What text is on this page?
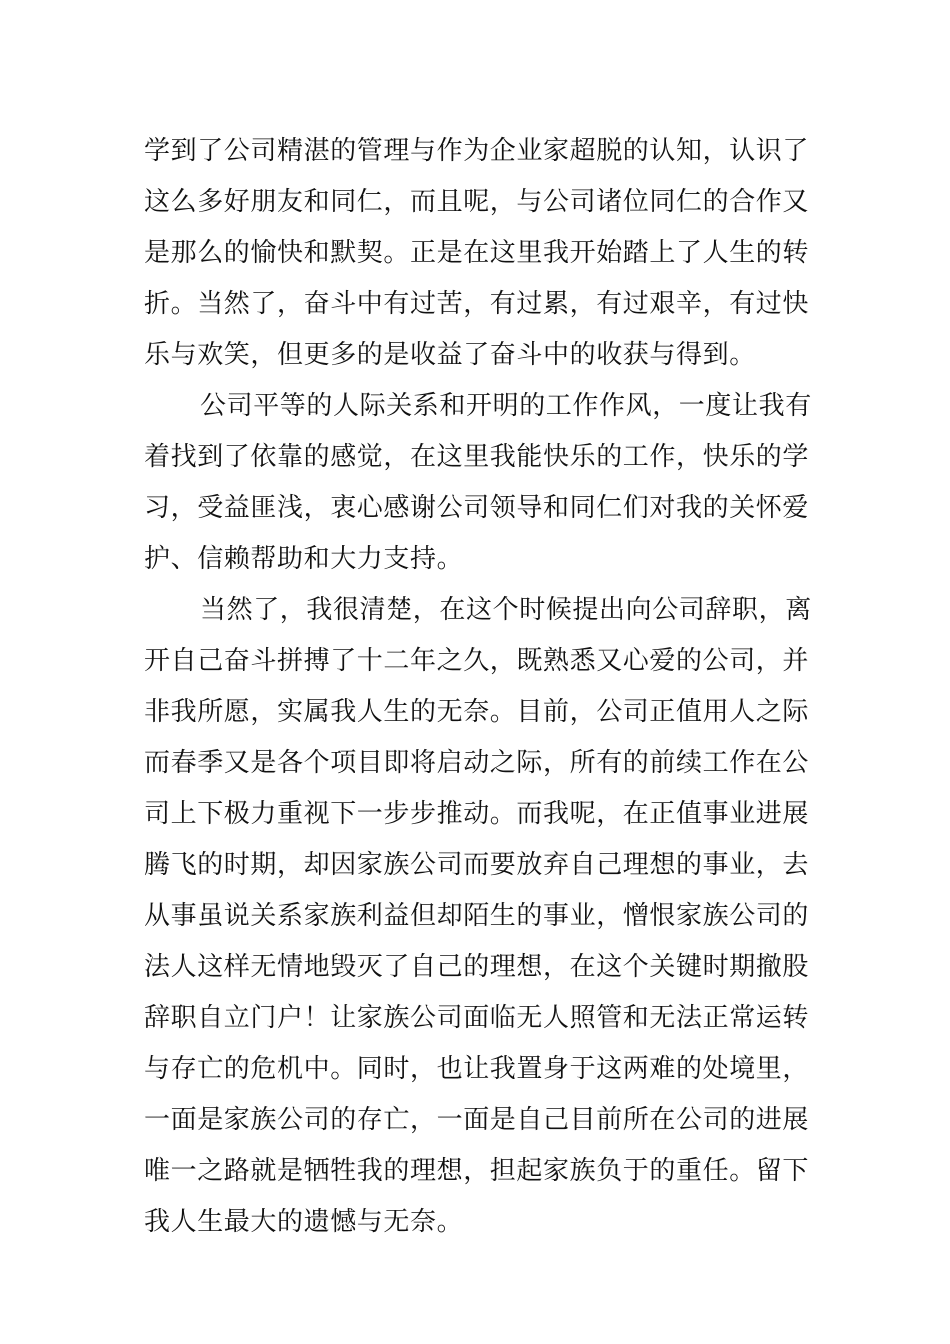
学到了公司精湛的管理与作为企业家超脱的认知，认识了
这么多好朋友和同仁，而且呢，与公司诸位同仁的合作又
是那么的愉快和默契。正是在这里我开始踏上了人生的转
折。当然了，奋斗中有过苦，有过累，有过艰辛，有过快
乐与欢笑，但更多的是收益了奋斗中的收获与得到。
公司平等的人际关系和开明的工作作风，一度让我有
着找到了依靠的感觉，在这里我能快乐的工作，快乐的学
习，受益匪浅，衷心感谢公司领导和同仁们对我的关怀爱
护、信赖帮助和大力支持。
当然了，我很清楚，在这个时候提出向公司辞职，离
开自己奋斗拼搏了十二年之久，既熟悉又心爱的公司，并
非我所愿，实属我人生的无奈。目前，公司正值用人之际
而春季又是各个项目即将启动之际，所有的前续工作在公
司上下极力重视下一步步推动。而我呢，在正值事业进展
腾飞的时期，却因家族公司而要放弃自己理想的事业，去
从事虽说关系家族利益但却陌生的事业，憎恨家族公司的
法人这样无情地毁灭了自己的理想，在这个关键时期撤股
辞职自立门户！让家族公司面临无人照管和无法正常运转
与存亡的危机中。同时，也让我置身于这两难的处境里，
一面是家族公司的存亡，一面是自己目前所在公司的进展
唯一之路就是牺牲我的理想，担起家族负于的重任。留下
我人生最大的遗憾与无奈。
